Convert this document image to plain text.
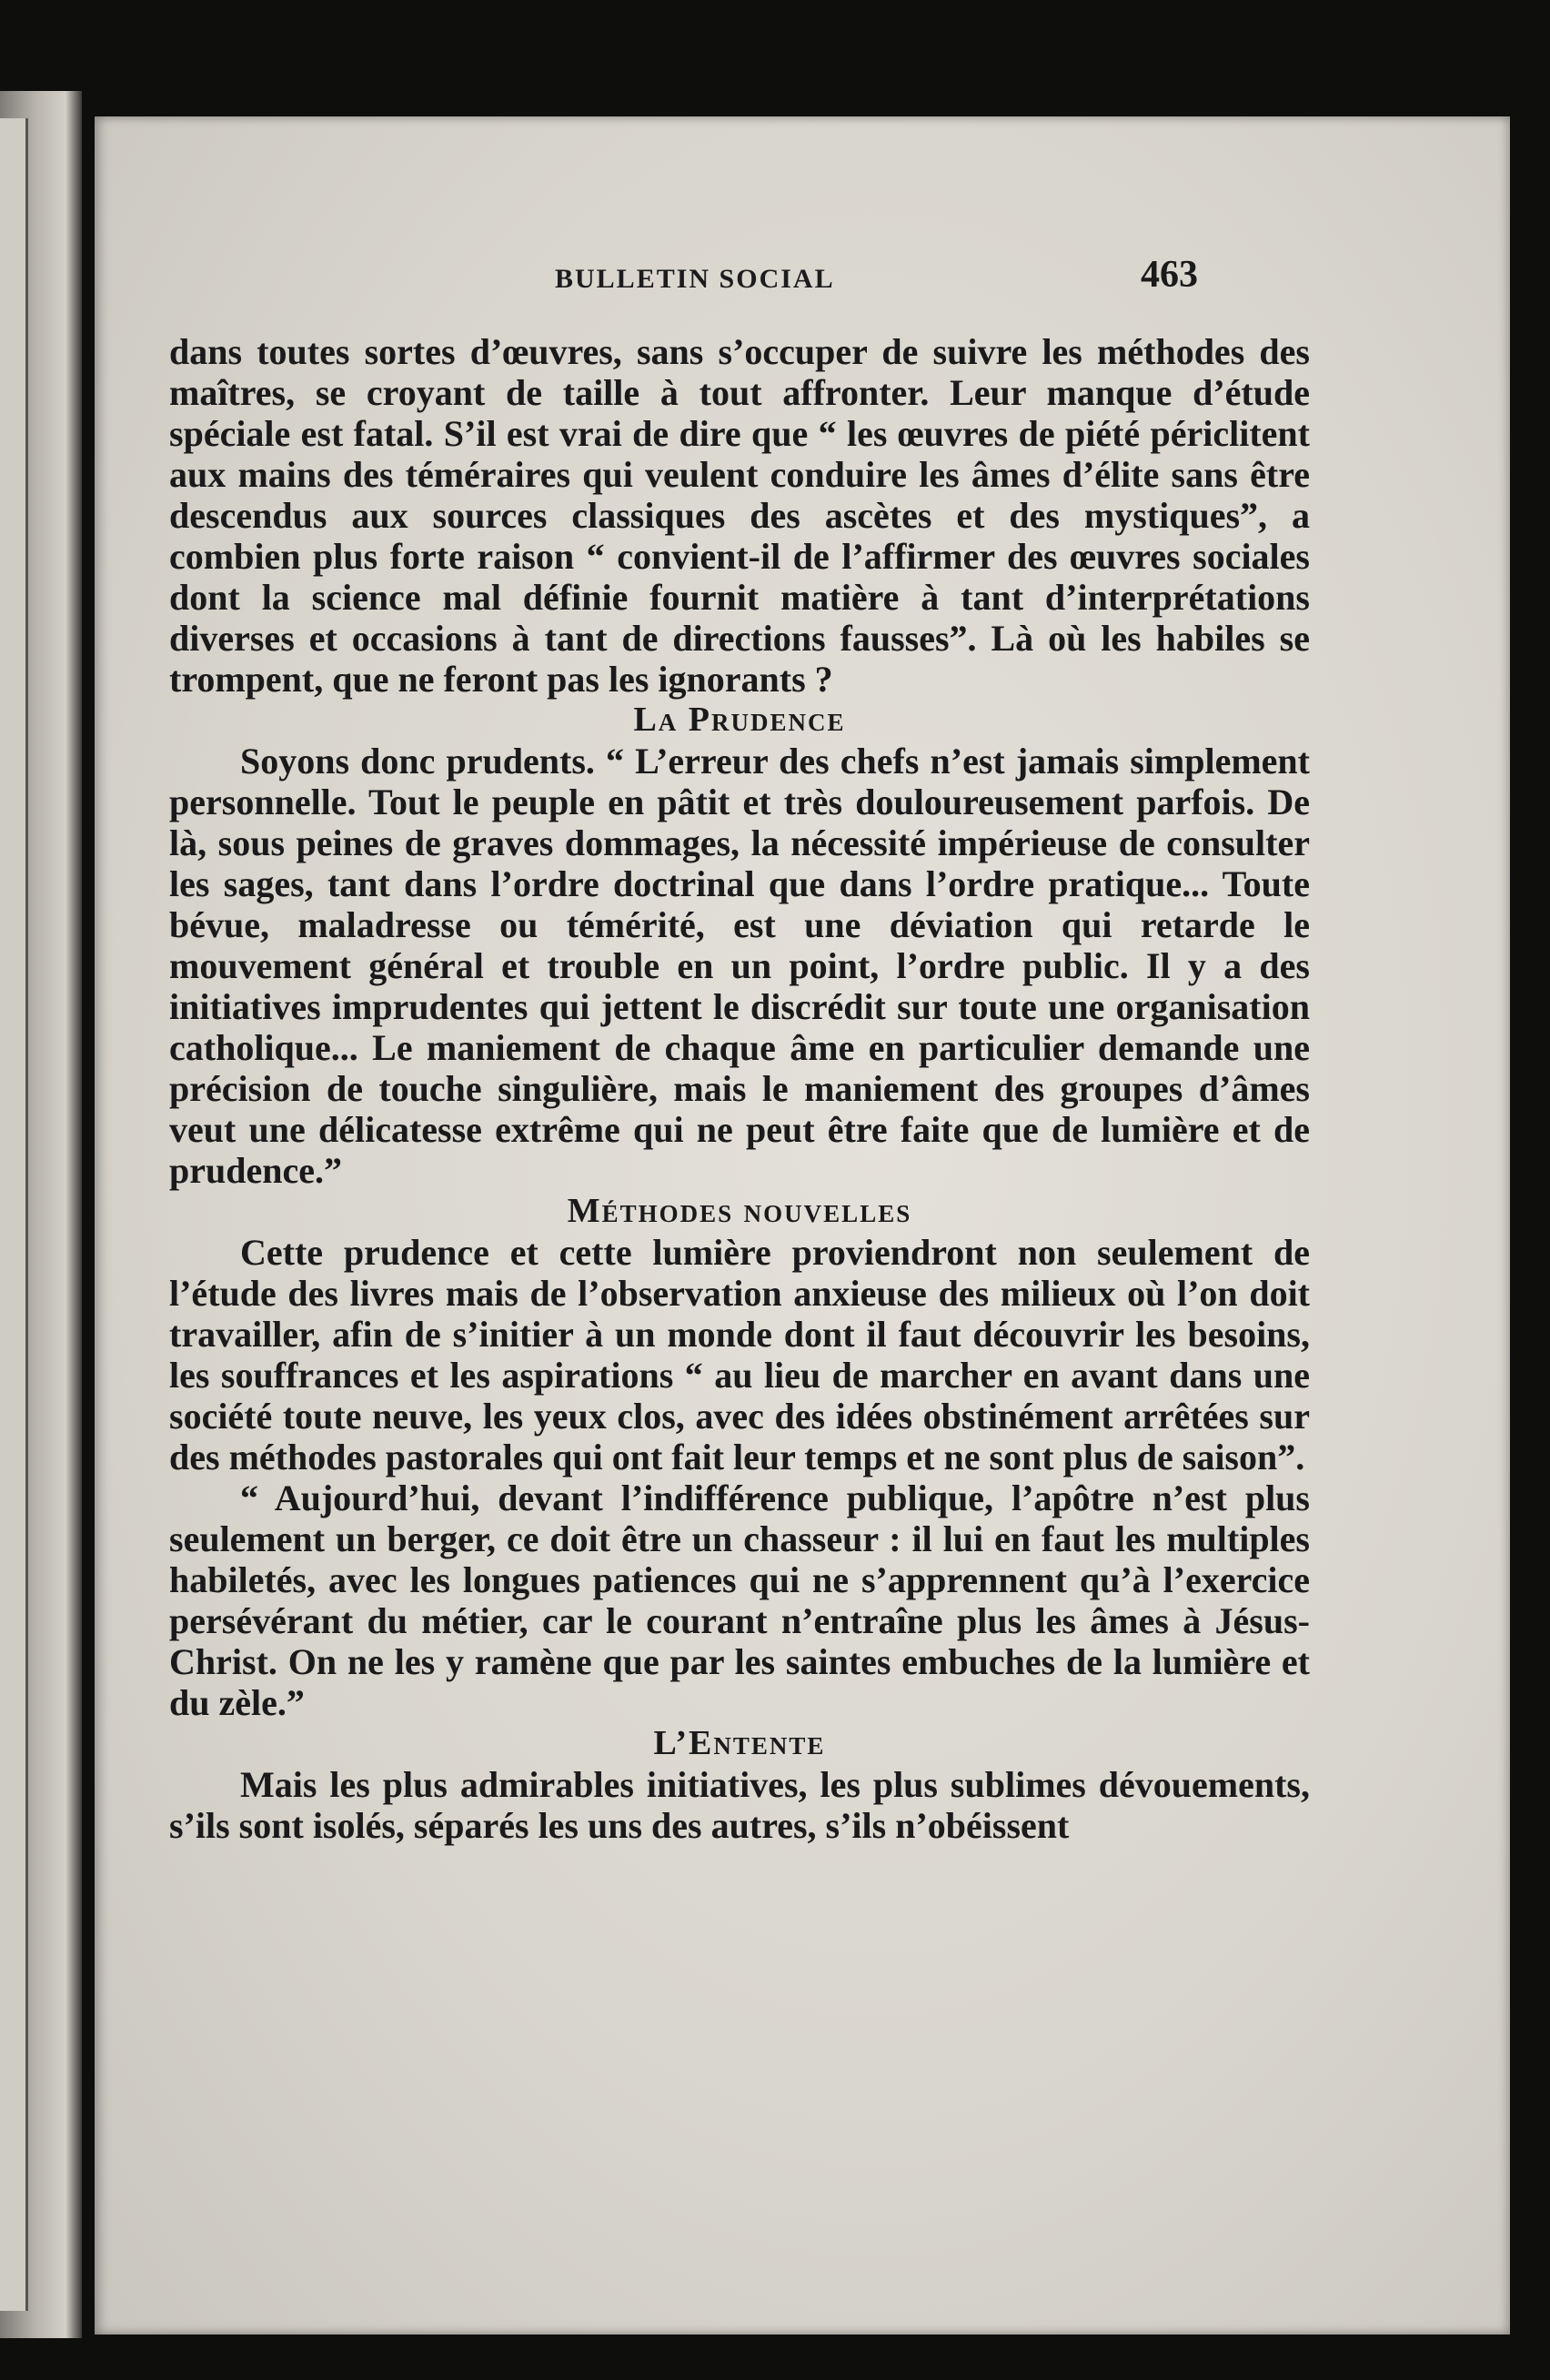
BULLETIN SOCIAL	463

dans toutes sortes d’œuvres, sans s’occuper de suivre les méthodes des maîtres, se croyant de taille à tout affronter. Leur manque d’étude spéciale est fatal. S’il est vrai de dire que “ les œuvres de piété périclitent aux mains des téméraires qui veulent conduire les âmes d’élite sans être descendus aux sources classiques des ascètes et des mystiques”, a combien plus forte raison “ convient-il de l’affirmer des œuvres sociales dont la science mal définie fournit matière à tant d’interprétations diverses et occasions à tant de directions fausses”. Là où les habiles se trompent, que ne feront pas les ignorants ?

La Prudence

Soyons donc prudents. “ L’erreur des chefs n’est jamais simplement personnelle. Tout le peuple en pâtit et très douloureusement parfois. De là, sous peines de graves dommages, la nécessité impérieuse de consulter les sages, tant dans l’ordre doctrinal que dans l’ordre pratique... Toute bévue, maladresse ou témérité, est une déviation qui retarde le mouvement général et trouble en un point, l’ordre public. Il y a des initiatives imprudentes qui jettent le discrédit sur toute une organisation catholique... Le maniement de chaque âme en particulier demande une précision de touche singulière, mais le maniement des groupes d’âmes veut une délicatesse extrême qui ne peut être faite que de lumière et de prudence.”

Méthodes nouvelles

Cette prudence et cette lumière proviendront non seulement de l’étude des livres mais de l’observation anxieuse des milieux où l’on doit travailler, afin de s’initier à un monde dont il faut découvrir les besoins, les souffrances et les aspirations “ au lieu de marcher en avant dans une société toute neuve, les yeux clos, avec des idées obstinément arrêtées sur des méthodes pastorales qui ont fait leur temps et ne sont plus de saison”.

“ Aujourd’hui, devant l’indifférence publique, l’apôtre n’est plus seulement un berger, ce doit être un chasseur : il lui en faut les multiples habiletés, avec les longues patiences qui ne s’apprennent qu’à l’exercice persévérant du métier, car le courant n’entraîne plus les âmes à Jésus-Christ. On ne les y ramène que par les saintes embuches de la lumière et du zèle.”

L’Entente

Mais les plus admirables initiatives, les plus sublimes dévouements, s’ils sont isolés, séparés les uns des autres, s’ils n’obéissent
